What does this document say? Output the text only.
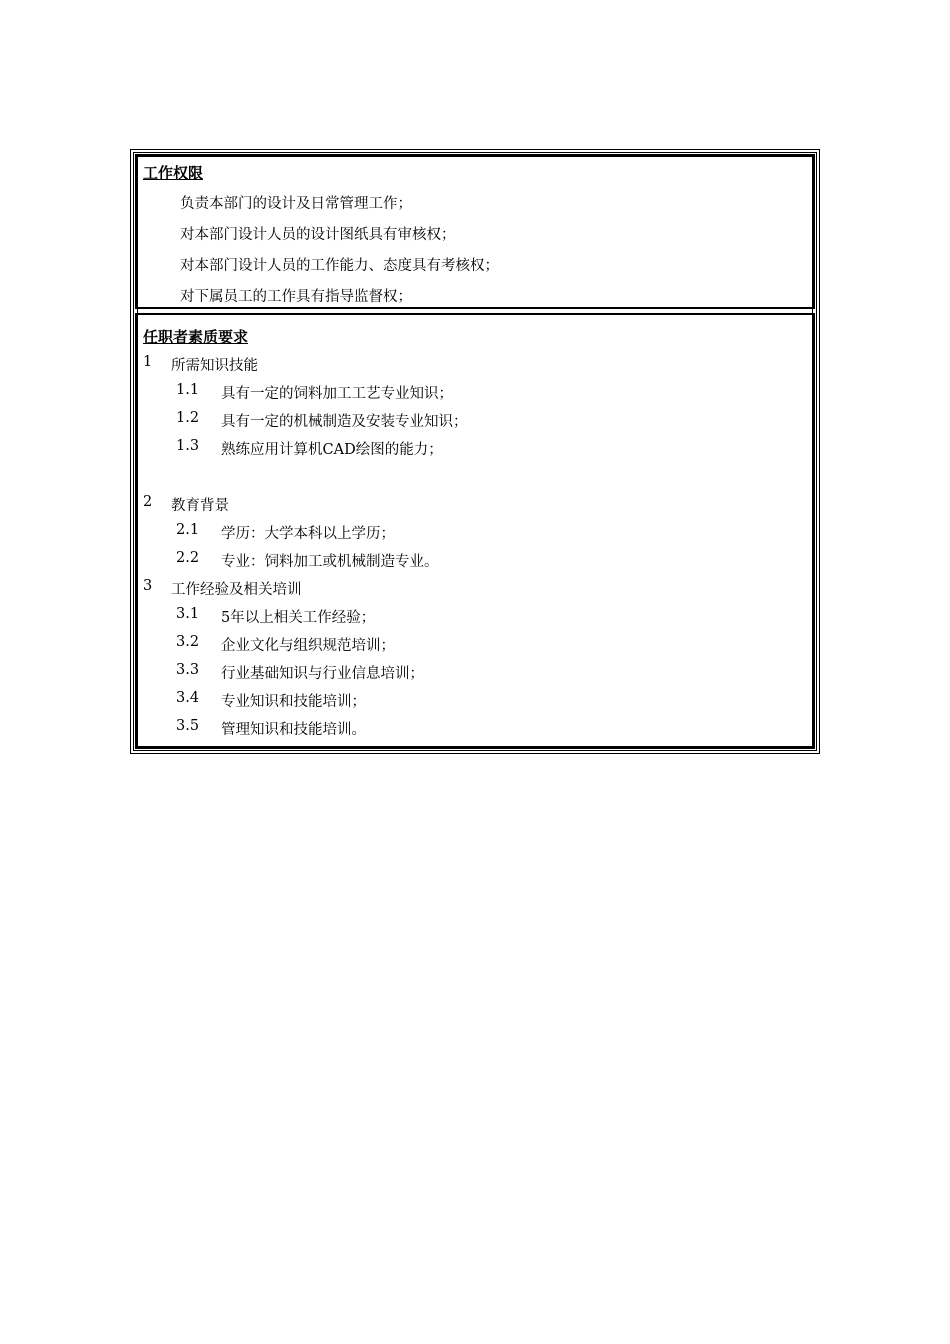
工作权限
负责本部门的设计及日常管理工作；
对本部门设计人员的设计图纸具有审核权；
对本部门设计人员的工作能力、态度具有考核权；
对下属员工的工作具有指导监督权；
任职者素质要求
1 所需知识技能
1.1 具有一定的饲料加工工艺专业知识；
1.2 具有一定的机械制造及安装专业知识；
1.3 熟练应用计算机CAD绘图的能力；
2 教育背景
2.1 学历：大学本科以上学历；
2.2 专业：饲料加工或机械制造专业。
3 工作经验及相关培训
3.1 5年以上相关工作经验；
3.2 企业文化与组织规范培训；
3.3 行业基础知识与行业信息培训；
3.4 专业知识和技能培训；
3.5 管理知识和技能培训。
